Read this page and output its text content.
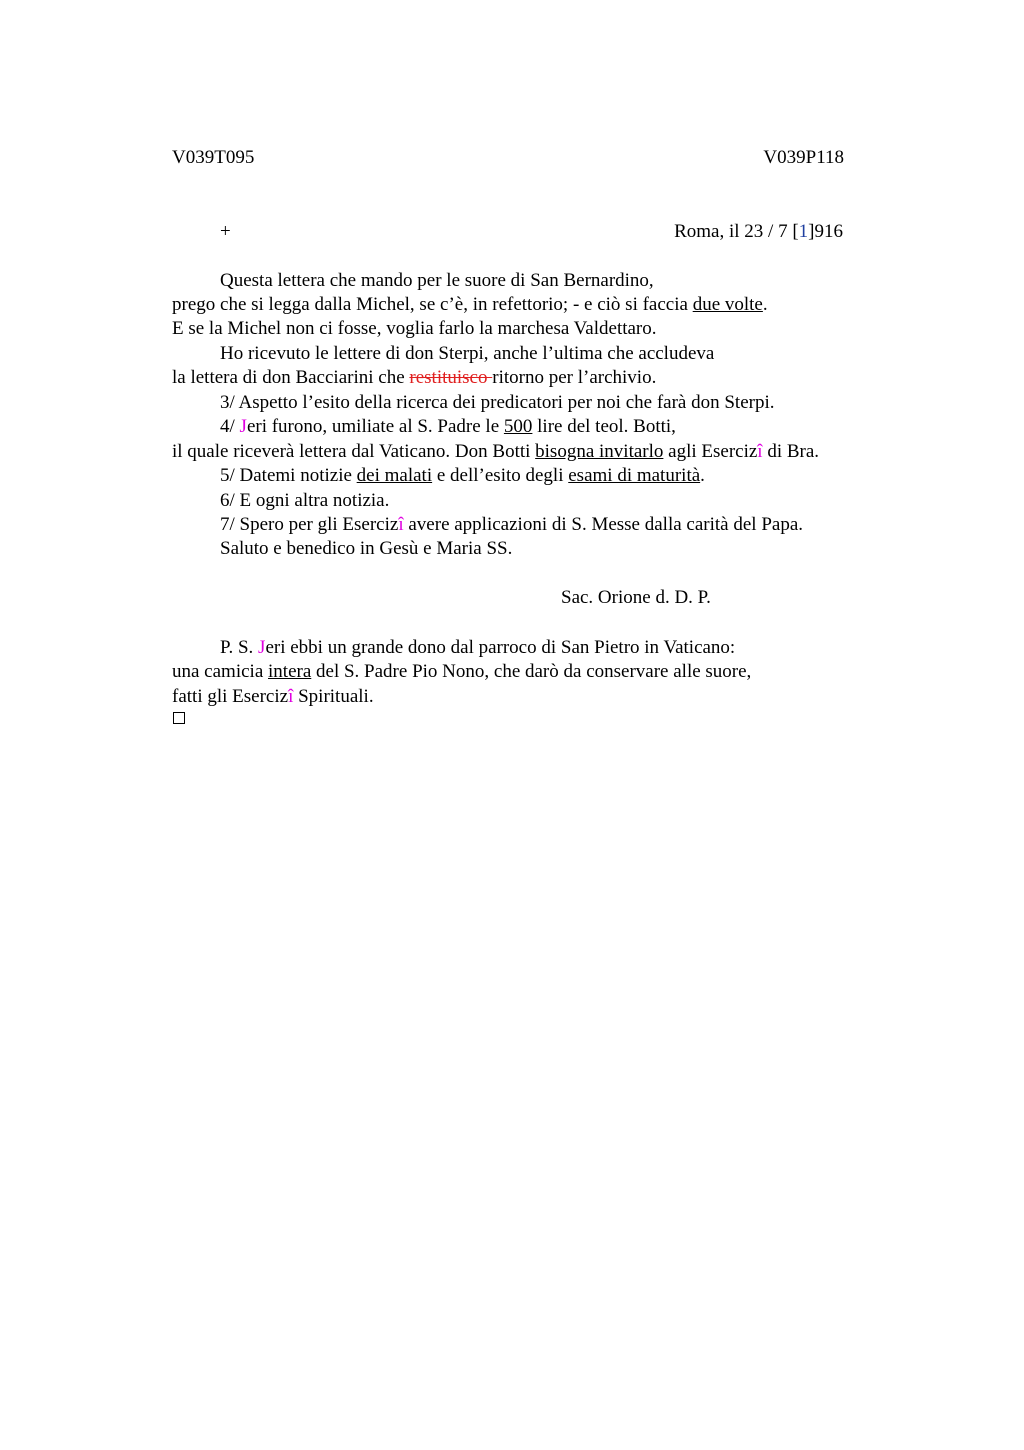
V039T095	V039P118
+	Roma, il 23 / 7 [1]916
Questa lettera che mando per le suore di San Bernardino,
prego che si legga dalla Michel, se c’è, in refettorio; - e ciò si faccia due volte.
E se la Michel non ci fosse, voglia farlo la marchesa Valdettaro.
Ho ricevuto le lettere di don Sterpi, anche l’ultima che accludeva
la lettera di don Bacciarini che restituisco ritorno per l’archivio.
3/ Aspetto l’esito della ricerca dei predicatori per noi che farà don Sterpi.
4/ Jeri furono, umiliate al S. Padre le 500 lire del teol. Botti,
il quale riceverà lettera dal Vaticano. Don Botti bisogna invitarlo agli Esercizî di Bra.
5/ Datemi notizie dei malati e dell’esito degli esami di maturità.
6/ E ogni altra notizia.
7/ Spero per gli Esercizî avere applicazioni di S. Messe dalla carità del Papa.
Saluto e benedico in Gesù e Maria SS.
Sac. Orione d. D. P.
P. S. Jeri ebbi un grande dono dal parroco di San Pietro in Vaticano:
una camicia intera del S. Padre Pio Nono, che darò da conservare alle suore,
fatti gli Esercizî Spirituali.
